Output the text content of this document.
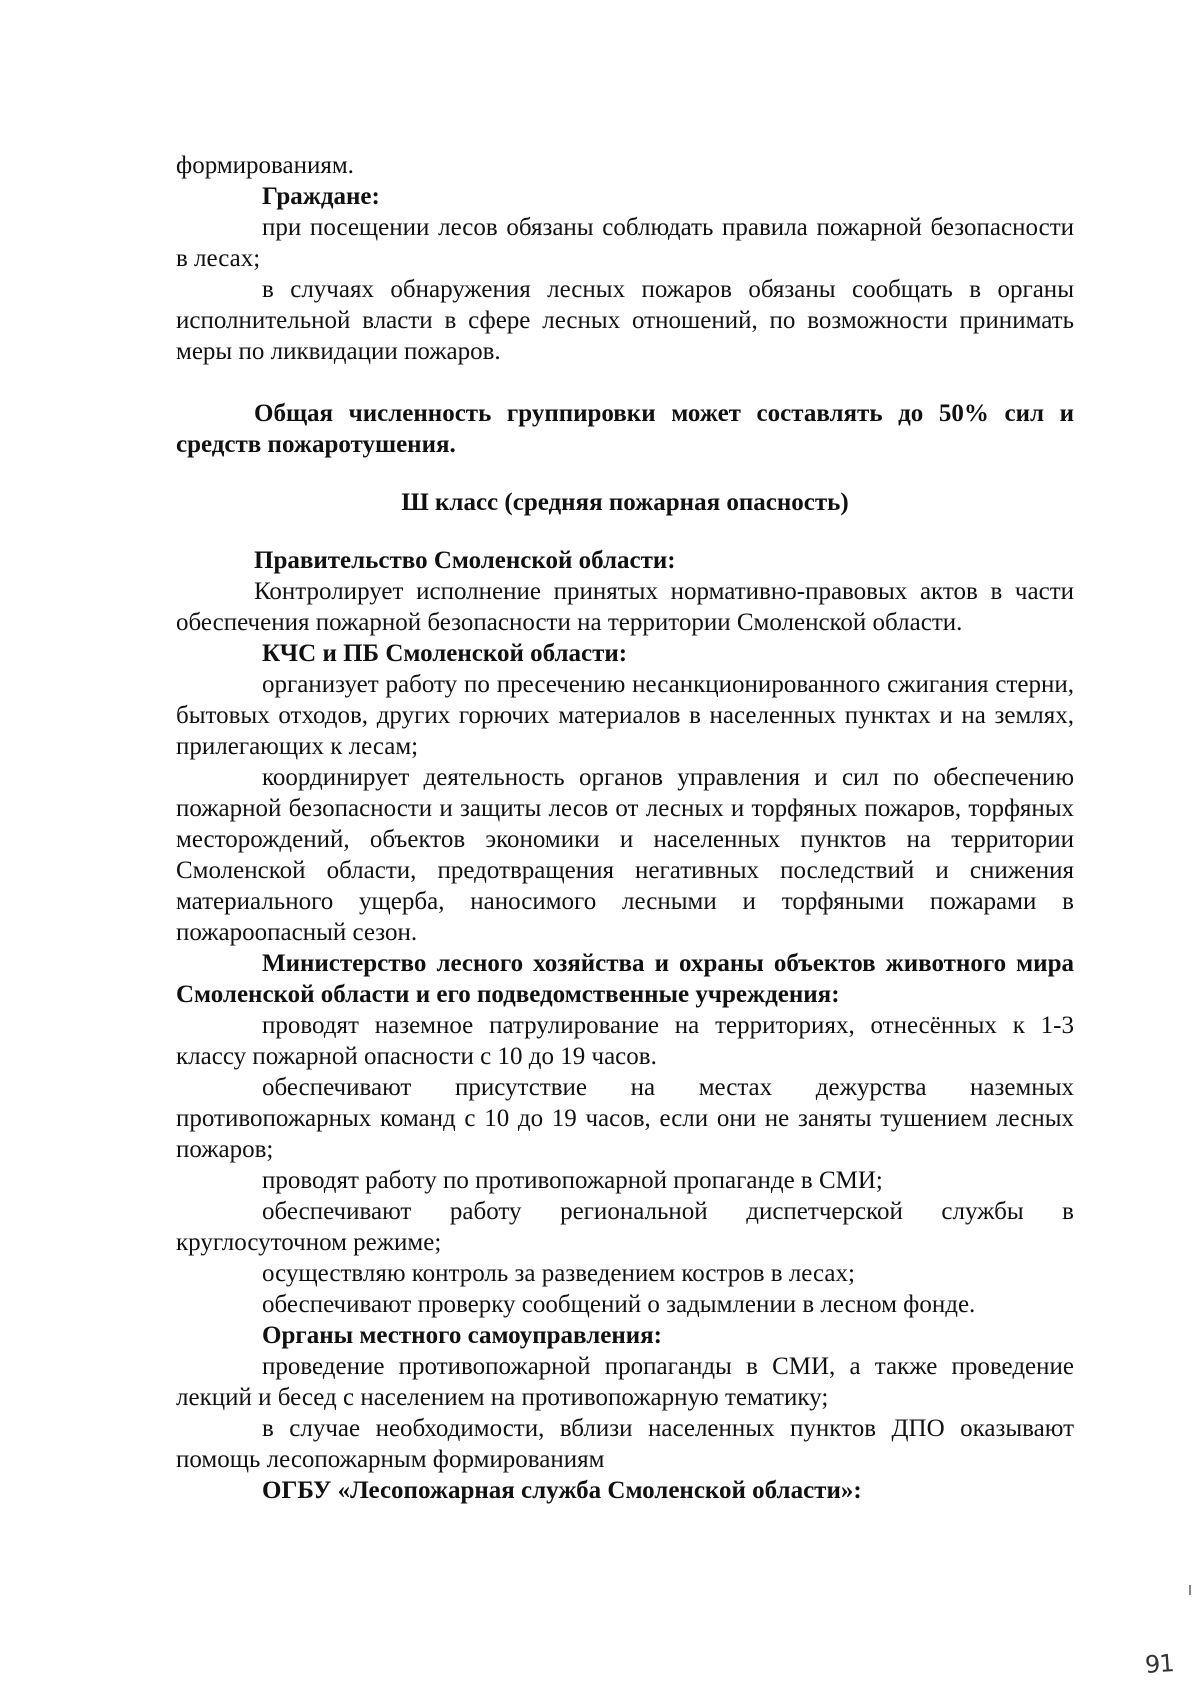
формированиям.

Граждане:

при посещении лесов обязаны соблюдать правила пожарной безопасности в лесах;

в случаях обнаружения лесных пожаров обязаны сообщать в органы исполнительной власти в сфере лесных отношений, по возможности принимать меры по ликвидации пожаров.

Общая численность группировки может составлять до 50% сил и средств пожаротушения.

Ш класс (средняя пожарная опасность)

Правительство Смоленской области:

Контролирует исполнение принятых нормативно-правовых актов в части обеспечения пожарной безопасности на территории Смоленской области.

КЧС и ПБ Смоленской области:

организует работу по пресечению несанкционированного сжигания стерни, бытовых отходов, других горючих материалов в населенных пунктах и на землях, прилегающих к лесам;

координирует деятельность органов управления и сил по обеспечению пожарной безопасности и защиты лесов от лесных и торфяных пожаров, торфяных месторождений, объектов экономики и населенных пунктов на территории Смоленской области, предотвращения негативных последствий и снижения материального ущерба, наносимого лесными и торфяными пожарами в пожароопасный сезон.

Министерство лесного хозяйства и охраны объектов животного мира Смоленской области и его подведомственные учреждения:

проводят наземное патрулирование на территориях, отнесённых к 1-3 классу пожарной опасности с 10 до 19 часов.

обеспечивают присутствие на местах дежурства наземных противопожарных команд с 10 до 19 часов, если они не заняты тушением лесных пожаров;

проводят работу по противопожарной пропаганде в СМИ;

обеспечивают работу региональной диспетчерской службы в круглосуточном режиме;

осуществляю контроль за разведением костров в лесах;

обеспечивают проверку сообщений о задымлении в лесном фонде.

Органы местного самоуправления:

проведение противопожарной пропаганды в СМИ, а также проведение лекций и бесед с населением на противопожарную тематику;

в случае необходимости, вблизи населенных пунктов ДПО оказывают помощь лесопожарным формированиям

ОГБУ «Лесопожарная служба Смоленской области»:

91
